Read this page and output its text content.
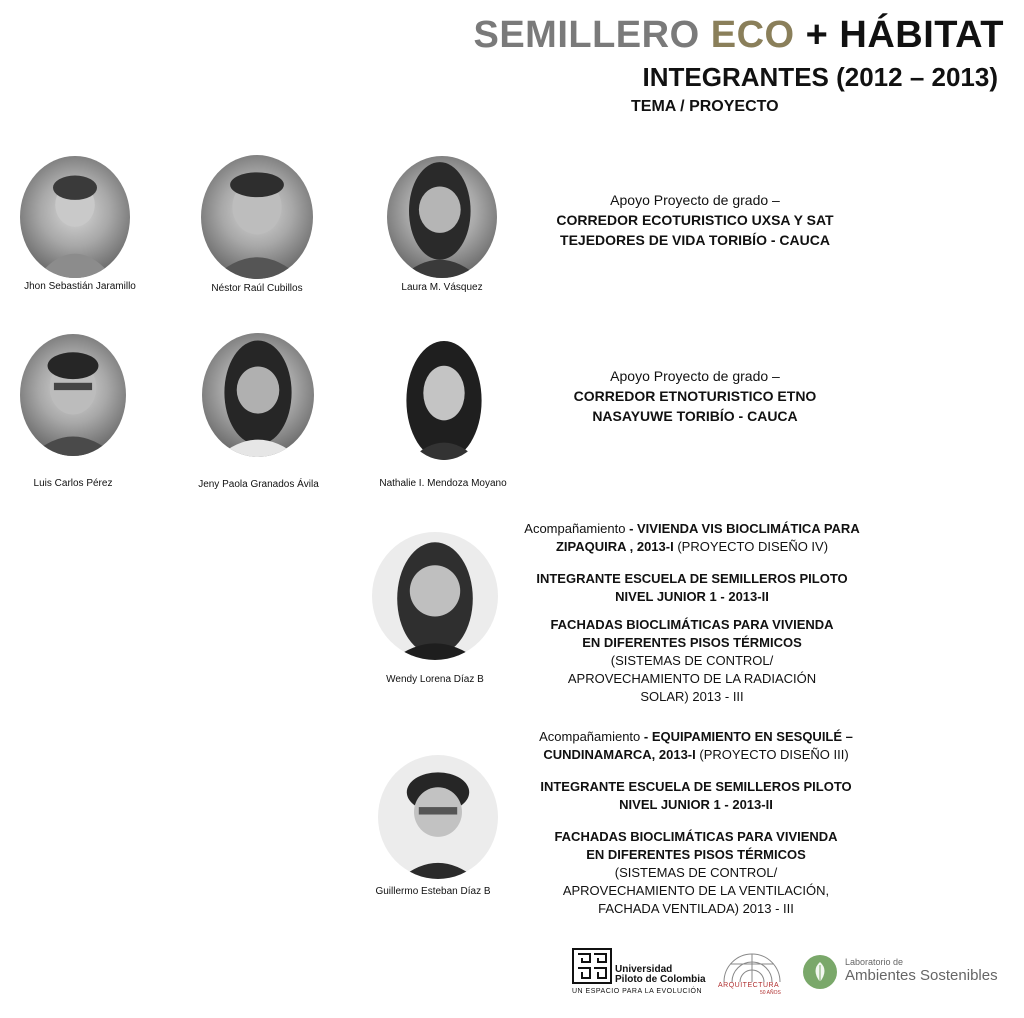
SEMILLERO ECO + HÁBITAT
INTEGRANTES (2012 – 2013)
TEMA / PROYECTO
Jhon Sebastián Jaramillo	Néstor Raúl Cubillos	Laura M. Vásquez
Apoyo Proyecto de grado –
CORREDOR ECOTURISTICO UXSA Y SAT
TEJEDORES DE VIDA TORIBÍO - CAUCA
Luis Carlos Pérez	Jeny Paola Granados Ávila	Nathalie I. Mendoza Moyano
Apoyo Proyecto de grado –
CORREDOR ETNOTURISTICO ETNO
NASAYUWE TORIBÍO - CAUCA
Wendy Lorena Díaz B
Acompañamiento - VIVIENDA VIS BIOCLIMÁTICA PARA
ZIPAQUIRA , 2013-I (PROYECTO DISEÑO IV)
INTEGRANTE ESCUELA DE SEMILLEROS PILOTO
NIVEL JUNIOR 1 - 2013-II
FACHADAS BIOCLIMÁTICAS PARA VIVIENDA
EN DIFERENTES PISOS TÉRMICOS
(SISTEMAS DE CONTROL/
APROVECHAMIENTO DE LA RADIACIÓN
SOLAR) 2013 - III
Guillermo Esteban Díaz B
Acompañamiento - EQUIPAMIENTO EN SESQUILÉ –
CUNDINAMARCA, 2013-I (PROYECTO DISEÑO III)
INTEGRANTE ESCUELA DE SEMILLEROS PILOTO
NIVEL JUNIOR 1 - 2013-II
FACHADAS BIOCLIMÁTICAS PARA VIVIENDA
EN DIFERENTES PISOS TÉRMICOS
(SISTEMAS DE CONTROL/
APROVECHAMIENTO DE LA VENTILACIÓN,
FACHADA VENTILADA) 2013 - III
Universidad
Piloto de Colombia
UN ESPACIO PARA LA EVOLUCIÓN
ARQUITECTURA
50 AÑOS
Laboratorio de
Ambientes Sostenibles
